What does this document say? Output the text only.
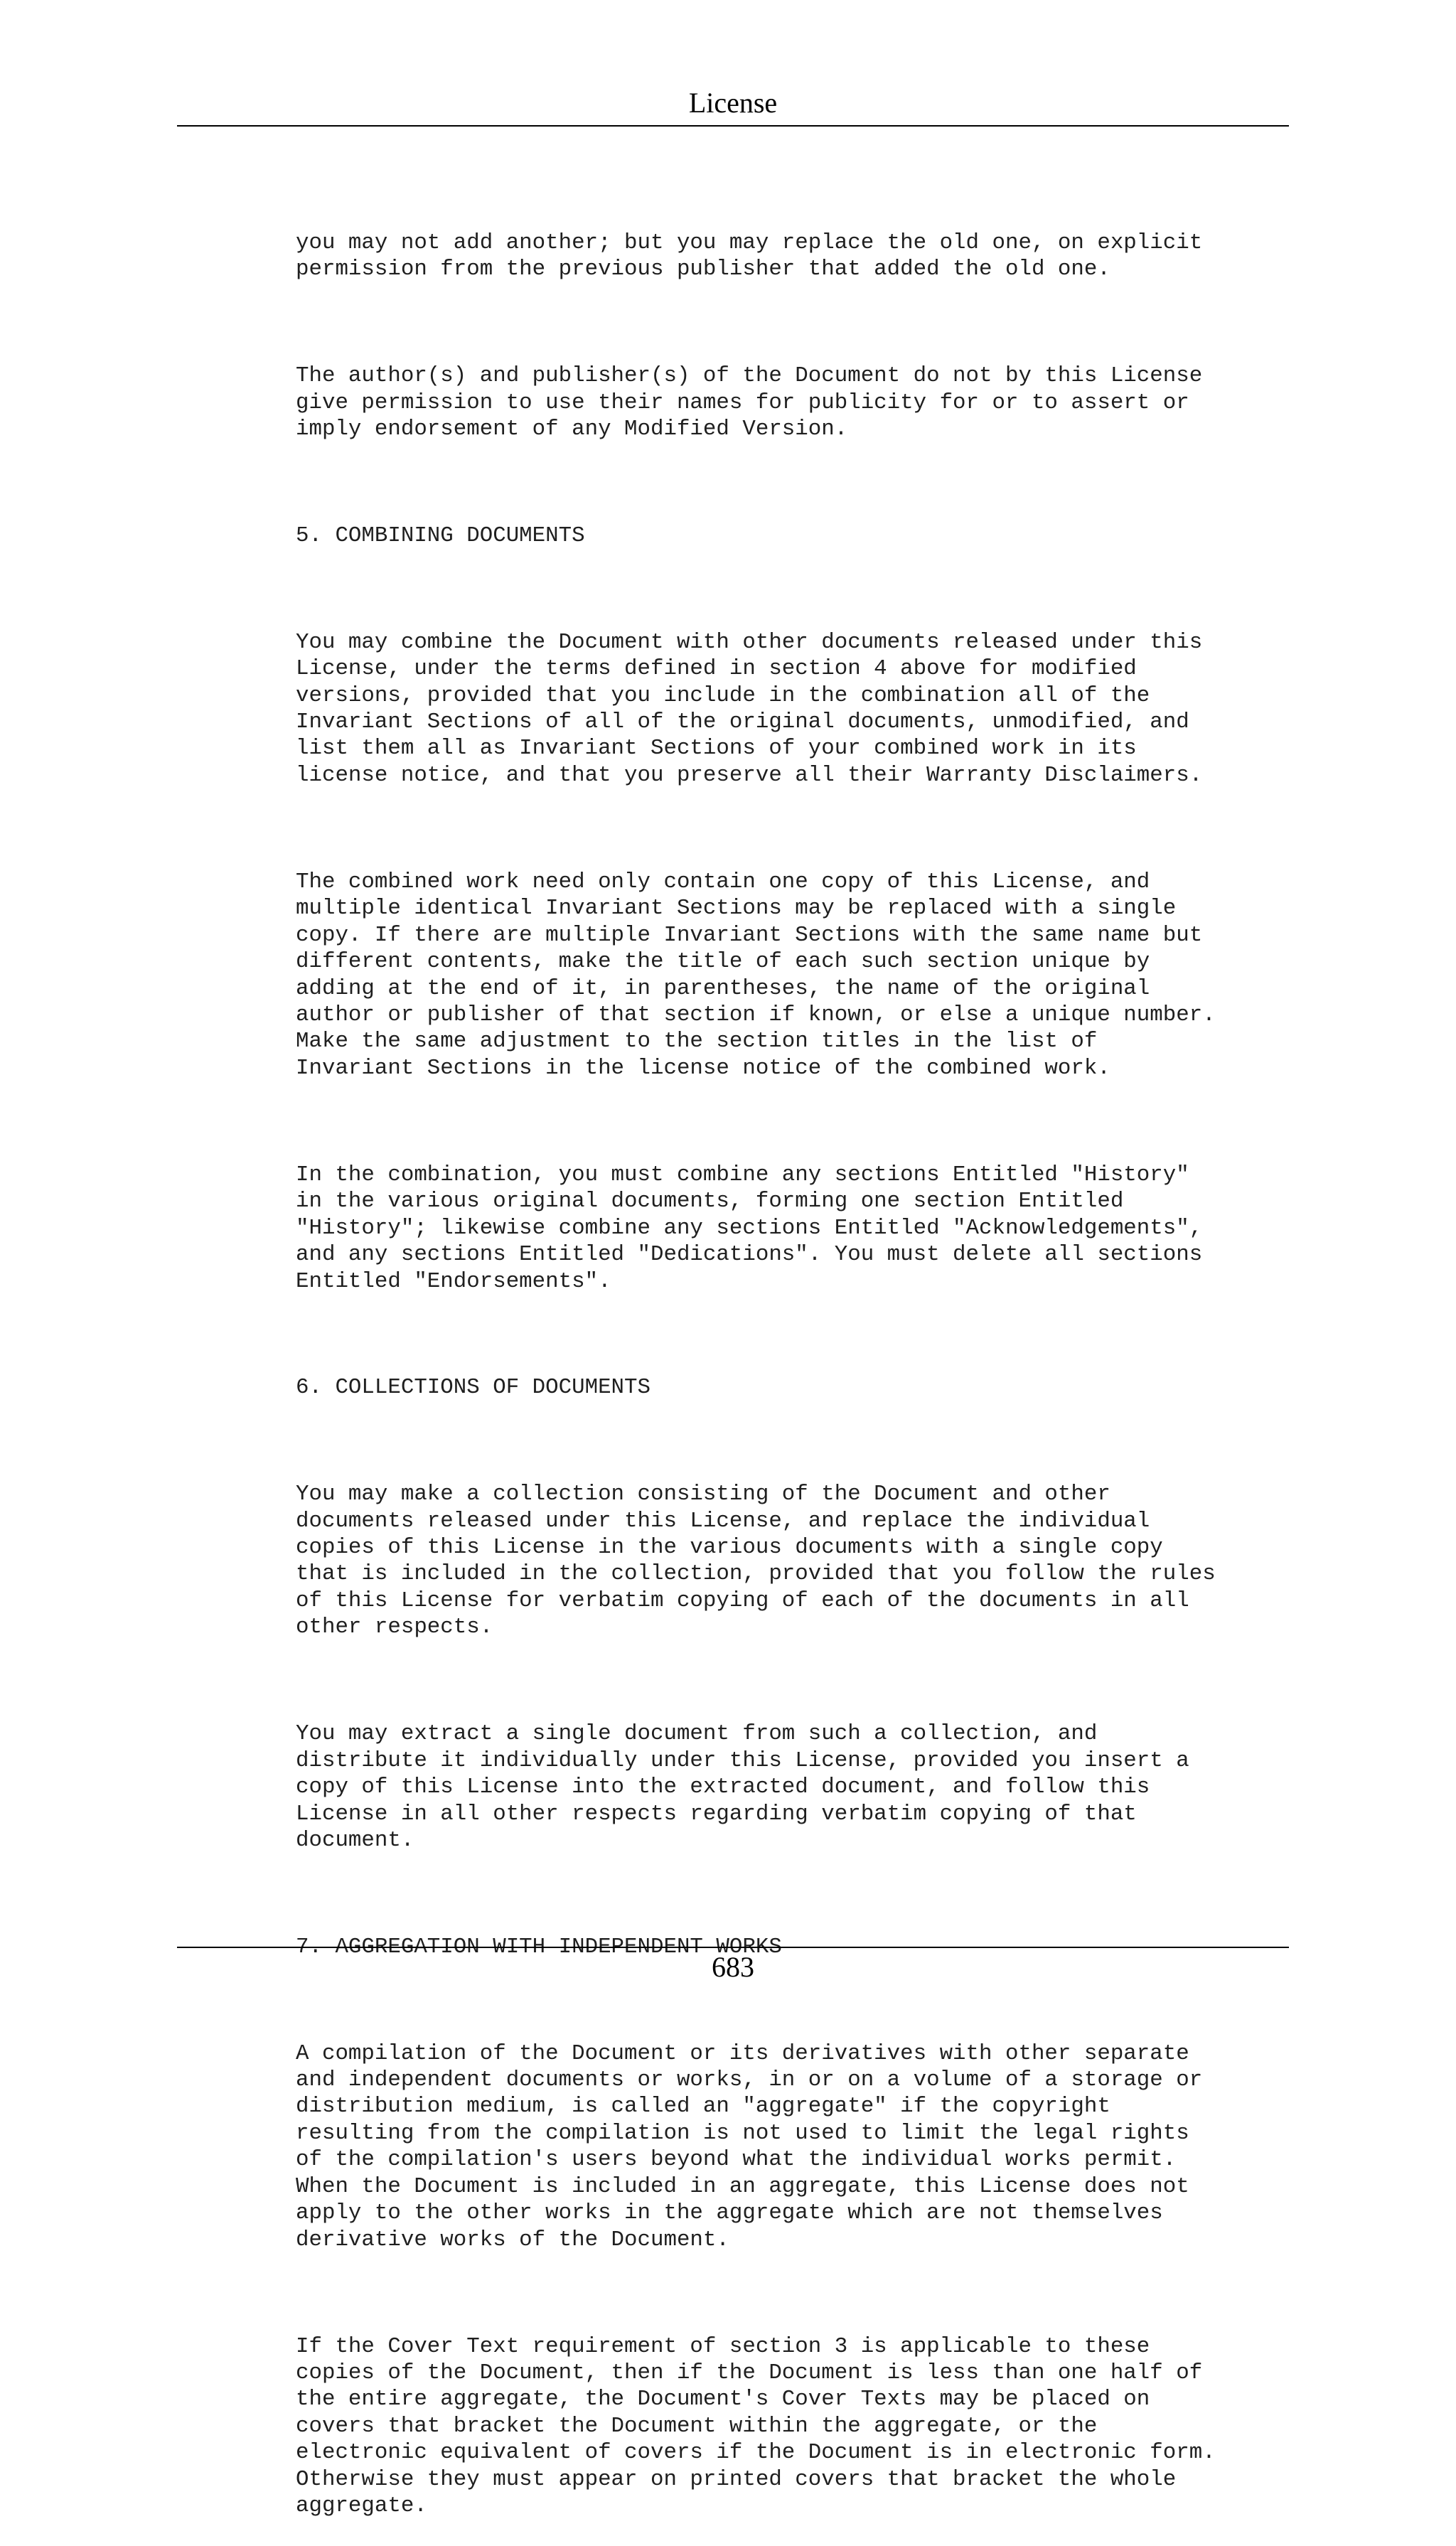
License

you may not add another; but you may replace the old one, on explicit
permission from the previous publisher that added the old one.

The author(s) and publisher(s) of the Document do not by this License
give permission to use their names for publicity for or to assert or
imply endorsement of any Modified Version.

5. COMBINING DOCUMENTS

You may combine the Document with other documents released under this
License, under the terms defined in section 4 above for modified
versions, provided that you include in the combination all of the
Invariant Sections of all of the original documents, unmodified, and
list them all as Invariant Sections of your combined work in its
license notice, and that you preserve all their Warranty Disclaimers.

The combined work need only contain one copy of this License, and
multiple identical Invariant Sections may be replaced with a single
copy. If there are multiple Invariant Sections with the same name but
different contents, make the title of each such section unique by
adding at the end of it, in parentheses, the name of the original
author or publisher of that section if known, or else a unique number.
Make the same adjustment to the section titles in the list of
Invariant Sections in the license notice of the combined work.

In the combination, you must combine any sections Entitled "History"
in the various original documents, forming one section Entitled
"History"; likewise combine any sections Entitled "Acknowledgements",
and any sections Entitled "Dedications". You must delete all sections
Entitled "Endorsements".

6. COLLECTIONS OF DOCUMENTS

You may make a collection consisting of the Document and other
documents released under this License, and replace the individual
copies of this License in the various documents with a single copy
that is included in the collection, provided that you follow the rules
of this License for verbatim copying of each of the documents in all
other respects.

You may extract a single document from such a collection, and
distribute it individually under this License, provided you insert a
copy of this License into the extracted document, and follow this
License in all other respects regarding verbatim copying of that
document.

7. AGGREGATION WITH INDEPENDENT WORKS

A compilation of the Document or its derivatives with other separate
and independent documents or works, in or on a volume of a storage or
distribution medium, is called an "aggregate" if the copyright
resulting from the compilation is not used to limit the legal rights
of the compilation's users beyond what the individual works permit.
When the Document is included in an aggregate, this License does not
apply to the other works in the aggregate which are not themselves
derivative works of the Document.

If the Cover Text requirement of section 3 is applicable to these
copies of the Document, then if the Document is less than one half of
the entire aggregate, the Document's Cover Texts may be placed on
covers that bracket the Document within the aggregate, or the
electronic equivalent of covers if the Document is in electronic form.
Otherwise they must appear on printed covers that bracket the whole
aggregate.

683
